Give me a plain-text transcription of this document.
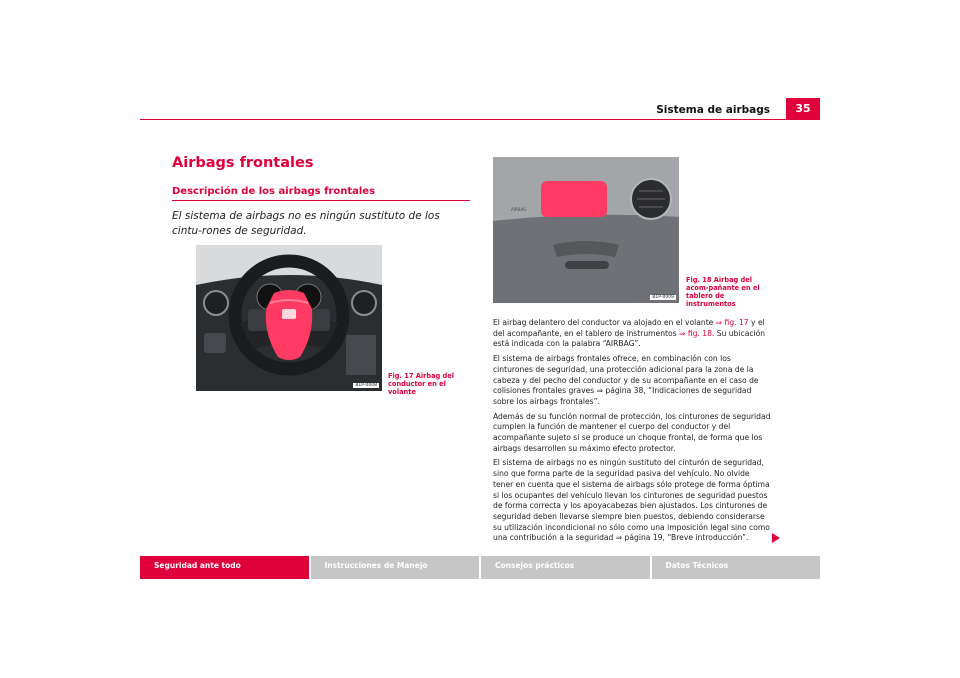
Sistema de airbags	35
Airbags frontales
Descripción de los airbags frontales

El sistema de airbags no es ningún sustituto de los cintu-rones de seguridad.

B1P-0008

Fig. 17 Airbag del conductor en el volante

AIRBAG
B1P-0009

Fig. 18 Airbag del acom-pañante en el tablero de instrumentos

El airbag delantero del conductor va alojado en el volante ⇒ fig. 17 y el del acompañante, en el tablero de instrumentos ⇒ fig. 18. Su ubicación está indicada con la palabra “AIRBAG”.

El sistema de airbags frontales ofrece, en combinación con los cinturones de seguridad, una protección adicional para la zona de la cabeza y del pecho del conductor y de su acompañante en el caso de colisiones frontales graves ⇒ página 38, “Indicaciones de seguridad sobre los airbags frontales”.

Además de su función normal de protección, los cinturones de seguridad cumplen la función de mantener el cuerpo del conductor y del acompañante sujeto si se produce un choque frontal, de forma que los airbags desarrollen su máximo efecto protector.

El sistema de airbags no es ningún sustituto del cinturón de seguridad, sino que forma parte de la seguridad pasiva del vehículo. No olvide tener en cuenta que el sistema de airbags sólo protege de forma óptima si los ocupantes del vehículo llevan los cinturones de seguridad puestos de forma correcta y los apoyacabezas bien ajustados. Los cinturones de seguridad deben llevarse siempre bien puestos, debiendo considerarse su utilización incondicional no sólo como una imposición legal sino como una contribución a la seguridad ⇒ página 19, “Breve introducción”.

Seguridad ante todo	Instrucciones de Manejo	Consejos prácticos	Datos Técnicos
